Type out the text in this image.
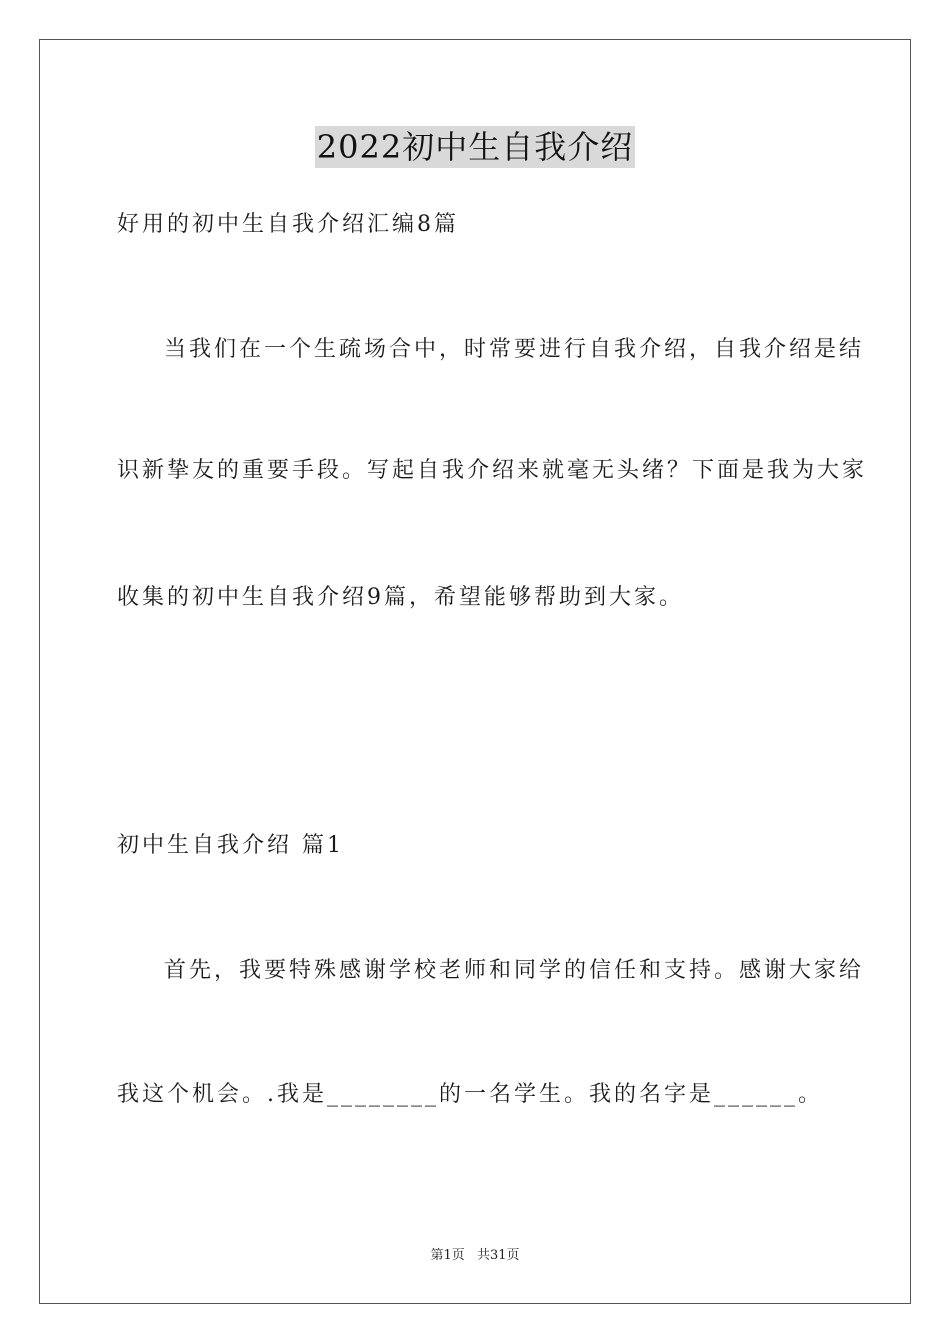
2022初中生自我介绍
好用的初中生自我介绍汇编8篇
当我们在一个生疏场合中，时常要进行自我介绍，自我介绍是结
识新挚友的重要手段。写起自我介绍来就毫无头绪？下面是我为大家
收集的初中生自我介绍9篇，希望能够帮助到大家。
初中生自我介绍 篇1
首先，我要特殊感谢学校老师和同学的信任和支持。感谢大家给
我这个机会。.我是________的一名学生。我的名字是______。
第1页 共31页
